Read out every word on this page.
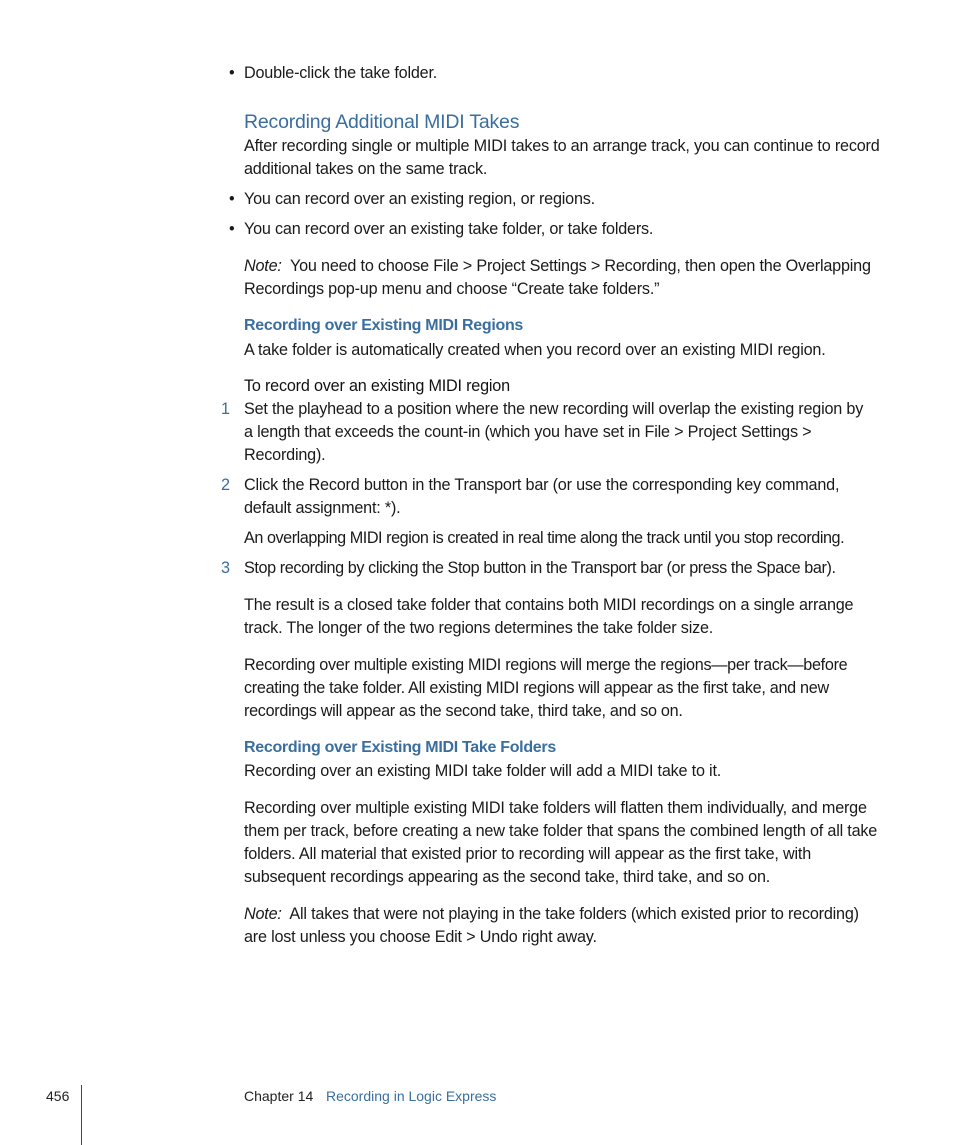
• Double-click the take folder.
Recording Additional MIDI Takes
After recording single or multiple MIDI takes to an arrange track, you can continue to record additional takes on the same track.
• You can record over an existing region, or regions.
• You can record over an existing take folder, or take folders.
Note: You need to choose File > Project Settings > Recording, then open the Overlapping Recordings pop-up menu and choose “Create take folders.”
Recording over Existing MIDI Regions
A take folder is automatically created when you record over an existing MIDI region.
To record over an existing MIDI region
1 Set the playhead to a position where the new recording will overlap the existing region by a length that exceeds the count-in (which you have set in File > Project Settings > Recording).
2 Click the Record button in the Transport bar (or use the corresponding key command, default assignment: *).
An overlapping MIDI region is created in real time along the track until you stop recording.
3 Stop recording by clicking the Stop button in the Transport bar (or press the Space bar).
The result is a closed take folder that contains both MIDI recordings on a single arrange track. The longer of the two regions determines the take folder size.
Recording over multiple existing MIDI regions will merge the regions—per track—before creating the take folder. All existing MIDI regions will appear as the first take, and new recordings will appear as the second take, third take, and so on.
Recording over Existing MIDI Take Folders
Recording over an existing MIDI take folder will add a MIDI take to it.
Recording over multiple existing MIDI take folders will flatten them individually, and merge them per track, before creating a new take folder that spans the combined length of all take folders. All material that existed prior to recording will appear as the first take, with subsequent recordings appearing as the second take, third take, and so on.
Note: All takes that were not playing in the take folders (which existed prior to recording) are lost unless you choose Edit > Undo right away.
456	Chapter 14 Recording in Logic Express
